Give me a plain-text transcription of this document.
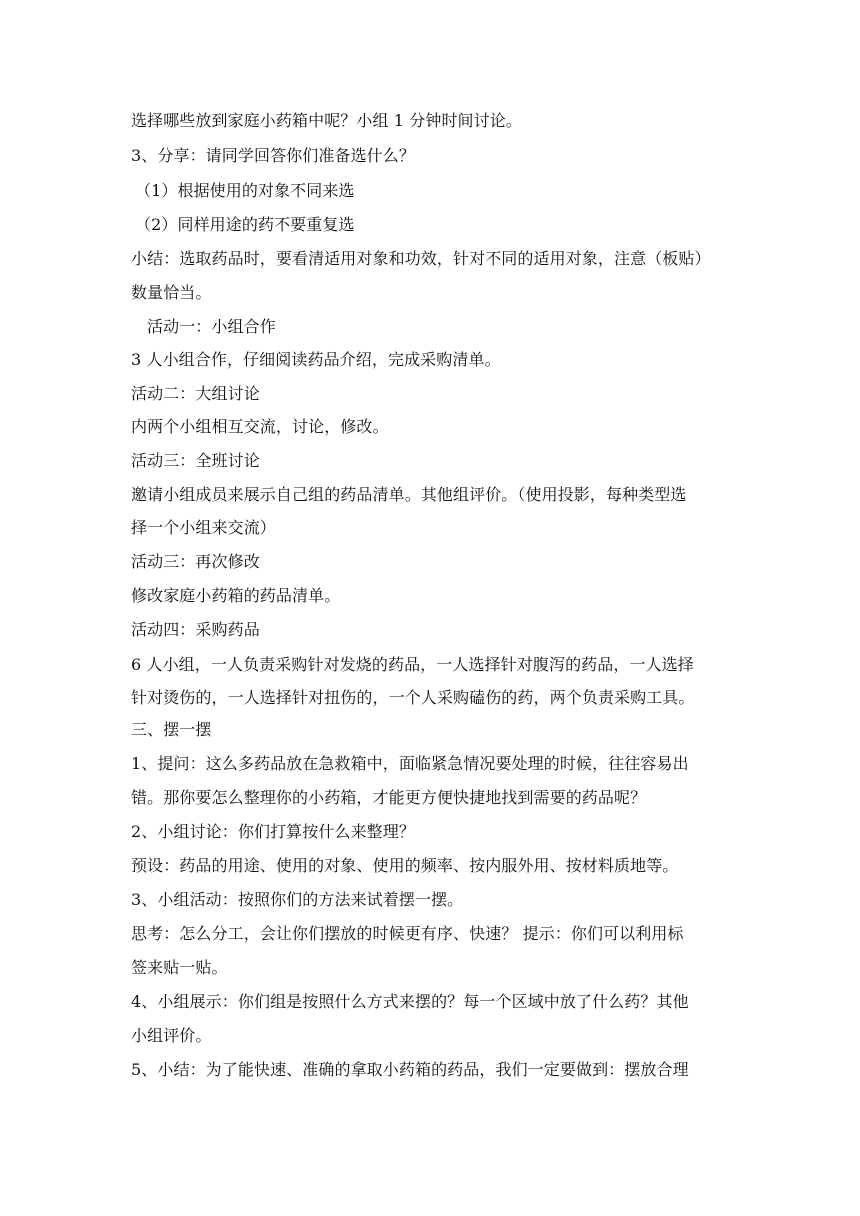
选择哪些放到家庭小药箱中呢？小组 1 分钟时间讨论。
3、分享：请同学回答你们准备选什么？
（1）根据使用的对象不同来选
（2）同样用途的药不要重复选
小结：选取药品时，要看清适用对象和功效，针对不同的适用对象，注意（板贴）
数量恰当。
活动一：小组合作
3 人小组合作，仔细阅读药品介绍，完成采购清单。
活动二：大组讨论
内两个小组相互交流，讨论，修改。
活动三：全班讨论
邀请小组成员来展示自己组的药品清单。其他组评价。（使用投影，每种类型选
择一个小组来交流）
活动三：再次修改
修改家庭小药箱的药品清单。
活动四：采购药品
6 人小组，一人负责采购针对发烧的药品，一人选择针对腹泻的药品，一人选择
针对烫伤的，一人选择针对扭伤的，一个人采购磕伤的药，两个负责采购工具。
三、摆一摆
1、提问：这么多药品放在急救箱中，面临紧急情况要处理的时候，往往容易出
错。那你要怎么整理你的小药箱，才能更方便快捷地找到需要的药品呢？
2、小组讨论：你们打算按什么来整理？
预设：药品的用途、使用的对象、使用的频率、按内服外用、按材料质地等。
3、小组活动：按照你们的方法来试着摆一摆。
思考：怎么分工，会让你们摆放的时候更有序、快速？ 提示：你们可以利用标
签来贴一贴。
4、小组展示：你们组是按照什么方式来摆的？每一个区域中放了什么药？其他
小组评价。
5、小结：为了能快速、准确的拿取小药箱的药品，我们一定要做到：摆放合理
